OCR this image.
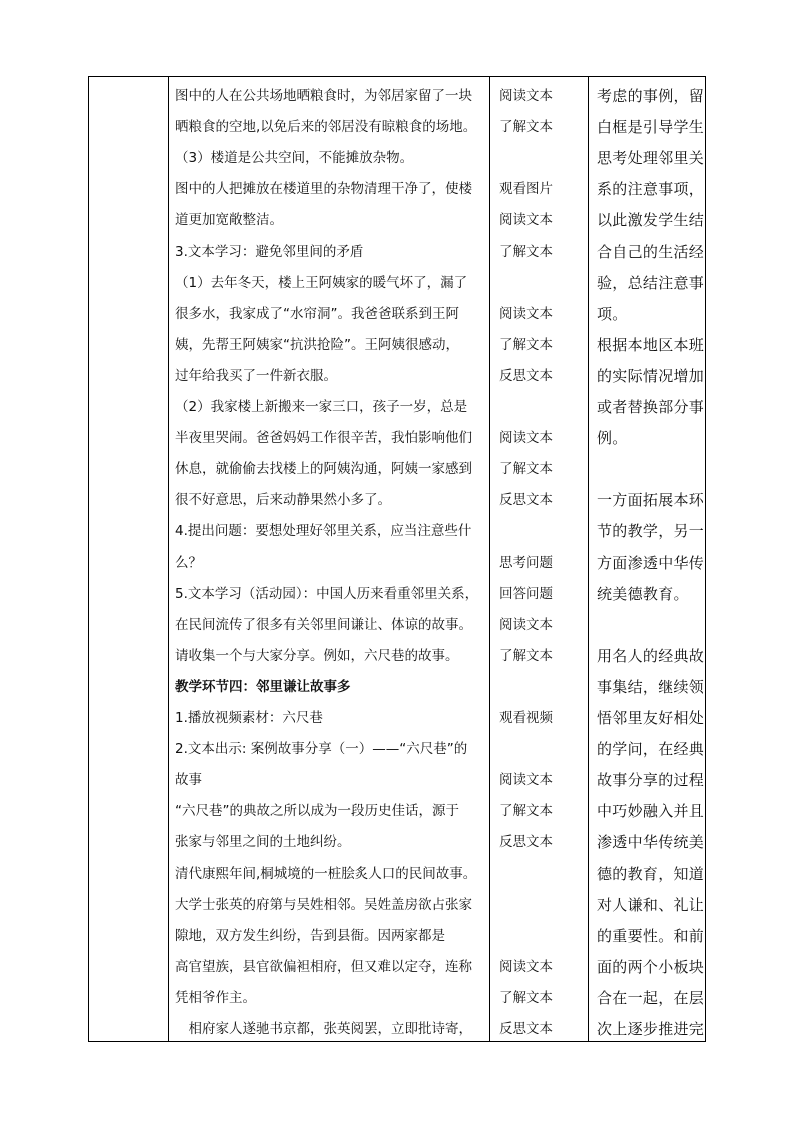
图中的人在公共场地晒粮食时，为邻居家留了一块
晒粮食的空地,以免后来的邻居没有晾粮食的场地。
（3）楼道是公共空间，不能摊放杂物。
图中的人把摊放在楼道里的杂物清理干净了，使楼
道更加宽敞整洁。
3.文本学习：避免邻里间的矛盾
（1）去年冬天，楼上王阿姨家的暖气坏了，漏了
很多水，我家成了“水帘洞”。我爸爸联系到王阿
姨，先帮王阿姨家“抗洪抢险”。王阿姨很感动，
过年给我买了一件新衣服。
（2）我家楼上新搬来一家三口，孩子一岁，总是
半夜里哭闹。爸爸妈妈工作很辛苦，我怕影响他们
休息，就偷偷去找楼上的阿姨沟通，阿姨一家感到
很不好意思，后来动静果然小多了。
4.提出问题：要想处理好邻里关系，应当注意些什
么？
5.文本学习（活动园）：中国人历来看重邻里关系，
在民间流传了很多有关邻里间谦让、体谅的故事。
请收集一个与大家分享。例如，六尺巷的故事。
教学环节四：邻里谦让故事多
1.播放视频素材：六尺巷
2.文本出示: 案例故事分享（一）——“六尺巷”的
故事
“六尺巷”的典故之所以成为一段历史佳话，源于
张家与邻里之间的土地纠纷。
清代康熙年间,桐城境的一桩脍炙人口的民间故事。
大学士张英的府第与吴姓相邻。吴姓盖房欲占张家
隙地，双方发生纠纷，告到县衙。因两家都是
高官望族，县官欲偏袒相府，但又难以定夺，连称
凭相爷作主。
　相府家人遂驰书京都，张英阅罢，立即批诗寄，
阅读文本
了解文本
观看图片
阅读文本
了解文本
阅读文本
了解文本
反思文本
阅读文本
了解文本
反思文本
思考问题
回答问题
阅读文本
了解文本
观看视频
阅读文本
了解文本
反思文本
阅读文本
了解文本
反思文本
考虑的事例，留
白框是引导学生
思考处理邻里关
系的注意事项，
以此激发学生结
合自己的生活经
验，总结注意事
项。
根据本地区本班
的实际情况增加
或者替换部分事
例。
一方面拓展本环
节的教学，另一
方面渗透中华传
统美德教育。
用名人的经典故
事集结，继续领
悟邻里友好相处
的学问，在经典
故事分享的过程
中巧妙融入并且
渗透中华传统美
德的教育，知道
对人谦和、礼让
的重要性。和前
面的两个小板块
合在一起，在层
次上逐步推进完
